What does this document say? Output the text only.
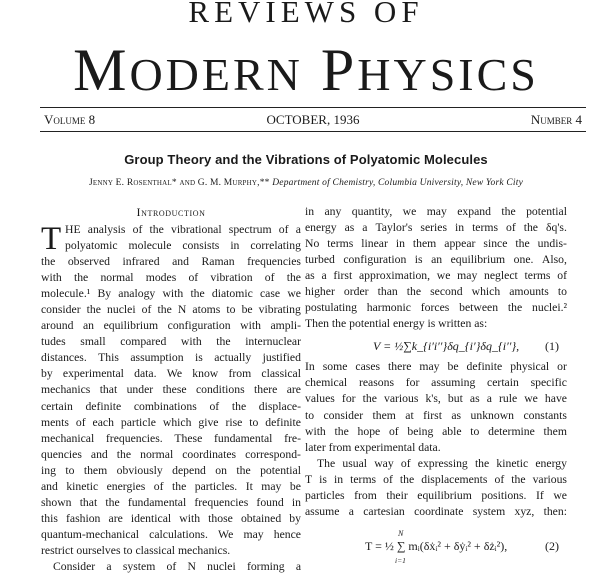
REVIEWS OF
MODERN PHYSICS
Volume 8	OCTOBER, 1936	Number 4
Group Theory and the Vibrations of Polyatomic Molecules
Jenny E. Rosenthal* and G. M. Murphy,** Department of Chemistry, Columbia University, New York City
Introduction
T HE analysis of the vibrational spectrum of a
polyatomic molecule consists in correlating
the observed infrared and Raman frequencies
with the normal modes of vibration of the
molecule.¹ By analogy with the diatomic case we
consider the nuclei of the N atoms to be vibrating
around an equilibrium configuration with ampli-
tudes small compared with the internuclear
distances. This assumption is actually justified
by experimental data. We know from classical
mechanics that under these conditions there are
certain definite combinations of the displace-
ments of each particle which give rise to definite
mechanical frequencies. These fundamental fre-
quencies and the normal coordinates correspond-
ing to them obviously depend on the potential
and kinetic energies of the particles. It may be
shown that the fundamental frequencies found in
this fashion are identical with those obtained by
quantum-mechanical calculations. We may hence
restrict ourselves to classical mechanics.
Consider a system of N nuclei forming a
in any quantity, we may expand the potential
energy as a Taylor's series in terms of the δq's.
No terms linear in them appear since the undis-
turbed configuration is an equilibrium one. Also,
as a first approximation, we may neglect terms of
higher order than the second which amounts to
postulating harmonic forces between the nuclei.²
Then the potential energy is written as:
V = ½∑k_{i′i′′}δq_{i′}δq_{i′′}, (1)
In some cases there may be definite physical or
chemical reasons for assuming certain specific
values for the various k's, but as a rule we have
to consider them at first as unknown constants
with the hope of being able to determine them
later from experimental data.
The usual way of expressing the kinetic energy
T is in terms of the displacements of the various
particles from their equilibrium positions. If we
assume a cartesian coordinate system xyz, then:
N
T = ½ ∑ mᵢ(δẋᵢ² + δẏᵢ² + δżᵢ²),
i=1
(2)
